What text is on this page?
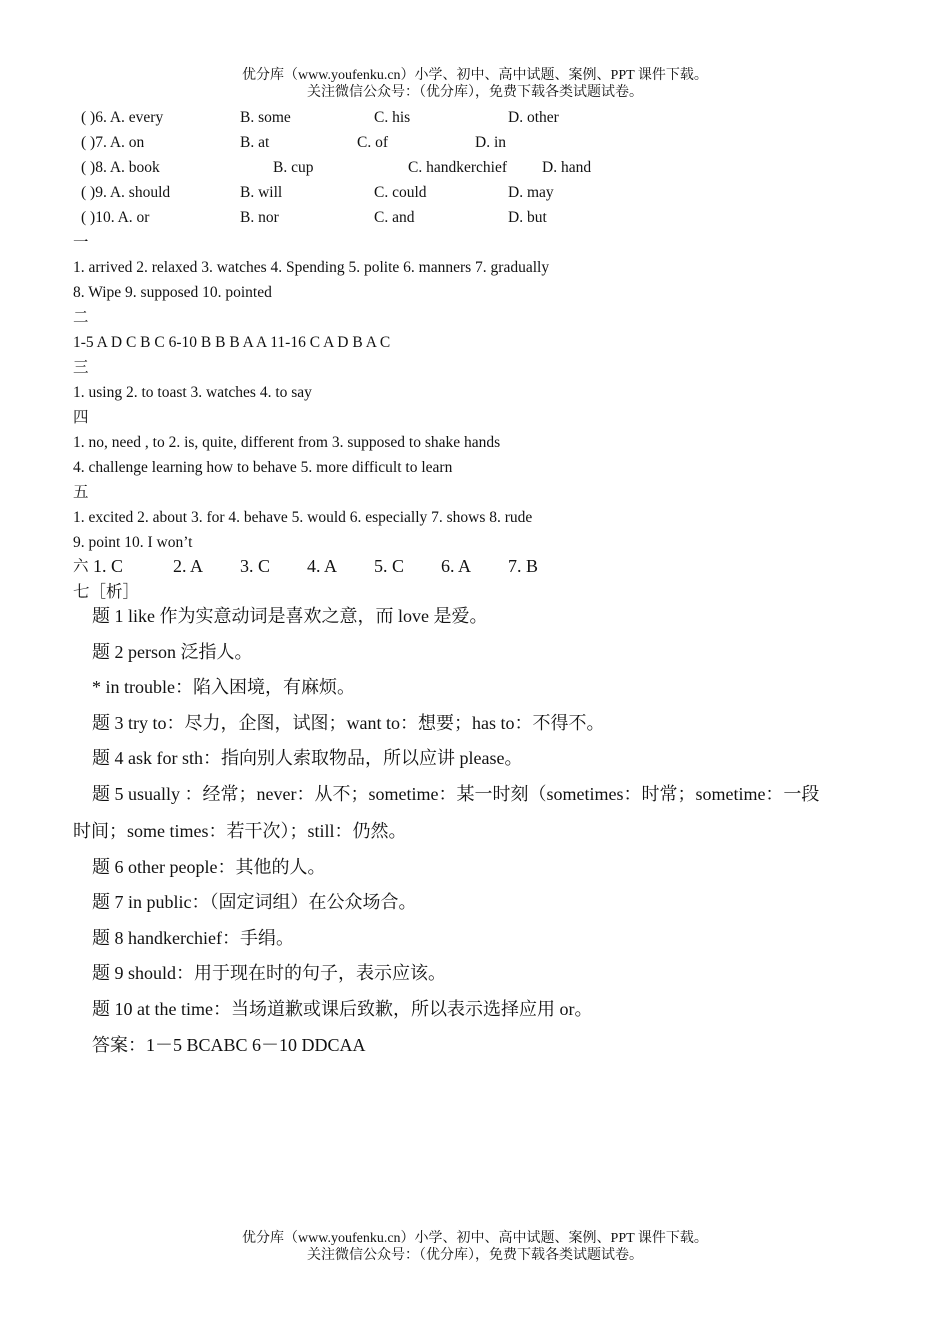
优分库（www.youfenku.cn）小学、初中、高中试题、案例、PPT 课件下载。
关注微信公众号：（优分库），免费下载各类试题试卷。
( )6. A. every	B. some	C. his	D. other
( )7. A. on	B. at	C. of	D. in
( )8. A. book	B. cup	C. handkerchief D. hand
( )9. A. should	B. will	C. could	D. may
( )10. A. or	B. nor	C. and	D. but
一
1. arrived 2. relaxed 3. watches 4. Spending 5. polite 6. manners 7. gradually
8. Wipe 9. supposed 10. pointed
二
1-5 A D C B C 6-10 B B B A A 11-16 C A D B A C
三
1. using 2. to toast 3. watches 4. to say
四
1. no, need , to 2. is, quite, different from 3. supposed to shake hands
4. challenge learning how to behave 5. more difficult to learn
五
1. excited 2. about 3. for 4. behave 5. would 6. especially 7. shows 8. rude
9. point 10. I won’t
六 1. C	2. A 3. C 4. A 5. C 6. A 7. B
七［析］
题 1 like 作为实意动词是喜欢之意，而 love 是爱。
题 2 person 泛指人。
* in trouble：陷入困境，有麻烦。
题 3 try to：尽力，企图，试图；want to：想要；has to：不得不。
题 4 ask for sth：指向别人索取物品，所以应讲 please。
题 5 usually ：经常；never：从不；sometime：某一时刻（sometimes：时常；sometime：一段
时间；some times：若干次）；still：仍然。
题 6 other people：其他的人。
题 7 in public：（固定词组）在公众场合。
题 8 handkerchief：手绢。
题 9 should：用于现在时的句子，表示应该。
题 10 at the time：当场道歉或课后致歉，所以表示选择应用 or。
答案：1－5 BCABC 6－10 DDCAA
优分库（www.youfenku.cn）小学、初中、高中试题、案例、PPT 课件下载。
关注微信公众号：（优分库），免费下载各类试题试卷。
